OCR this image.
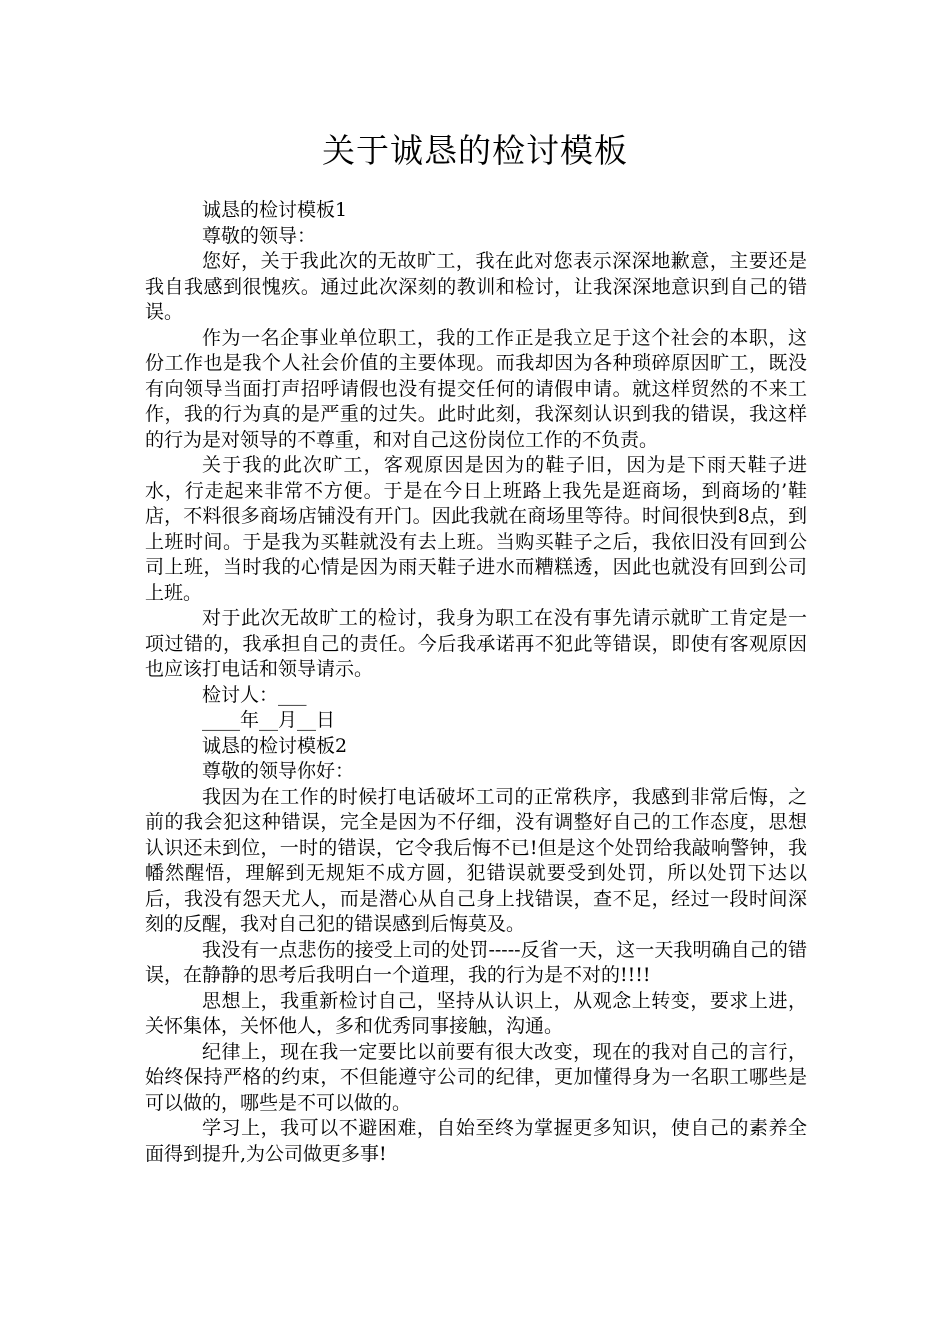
关于诚恳的检讨模板

诚恳的检讨模板1

尊敬的领导：

您好，关于我此次的无故旷工，我在此对您表示深深地歉意，主要还是我自我感到很愧疚。通过此次深刻的教训和检讨，让我深深地意识到自己的错误。

作为一名企事业单位职工，我的工作正是我立足于这个社会的本职，这份工作也是我个人社会价值的主要体现。而我却因为各种琐碎原因旷工，既没有向领导当面打声招呼请假也没有提交任何的请假申请。就这样贸然的不来工作，我的行为真的是严重的过失。此时此刻，我深刻认识到我的错误，我这样的行为是对领导的不尊重，和对自己这份岗位工作的不负责。

关于我的此次旷工，客观原因是因为的鞋子旧，因为是下雨天鞋子进水，行走起来非常不方便。于是在今日上班路上我先是逛商场，到商场的’鞋店，不料很多商场店铺没有开门。因此我就在商场里等待。时间很快到8点，到上班时间。于是我为买鞋就没有去上班。当购买鞋子之后，我依旧没有回到公司上班，当时我的心情是因为雨天鞋子进水而糟糕透，因此也就没有回到公司上班。

对于此次无故旷工的检讨，我身为职工在没有事先请示就旷工肯定是一项过错的，我承担自己的责任。今后我承诺再不犯此等错误，即使有客观原因也应该打电话和领导请示。

检讨人：___

____年__月__日

诚恳的检讨模板2

尊敬的领导你好：

我因为在工作的时候打电话破坏工司的正常秩序，我感到非常后悔，之前的我会犯这种错误，完全是因为不仔细，没有调整好自己的工作态度，思想认识还未到位，一时的错误，它令我后悔不已!但是这个处罚给我敲响警钟，我幡然醒悟，理解到无规矩不成方圆，犯错误就要受到处罚，所以处罚下达以后，我没有怨天尤人，而是潜心从自己身上找错误，查不足，经过一段时间深刻的反醒，我对自己犯的错误感到后悔莫及。

我没有一点悲伤的接受上司的处罚-----反省一天，这一天我明确自己的错误，在静静的思考后我明白一个道理，我的行为是不对的!!!!

思想上，我重新检讨自己，坚持从认识上，从观念上转变，要求上进，关怀集体，关怀他人，多和优秀同事接触，沟通。

纪律上，现在我一定要比以前要有很大改变，现在的我对自己的言行，始终保持严格的约束，不但能遵守公司的纪律，更加懂得身为一名职工哪些是可以做的，哪些是不可以做的。

学习上，我可以不避困难，自始至终为掌握更多知识，使自己的素养全面得到提升,为公司做更多事!
